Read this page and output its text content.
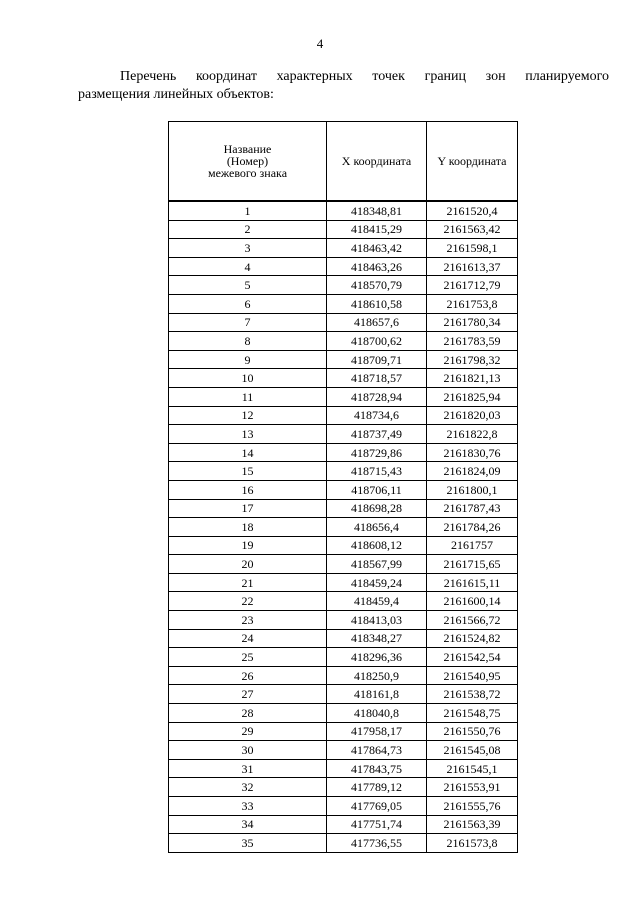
4
Перечень координат характерных точек границ зон планируемого
размещения линейных объектов:
Название
(Номер)
межевого знака	X координата	Y координата
1	418348,81	2161520,4
2	418415,29	2161563,42
3	418463,42	2161598,1
4	418463,26	2161613,37
5	418570,79	2161712,79
6	418610,58	2161753,8
7	418657,6	2161780,34
8	418700,62	2161783,59
9	418709,71	2161798,32
10	418718,57	2161821,13
11	418728,94	2161825,94
12	418734,6	2161820,03
13	418737,49	2161822,8
14	418729,86	2161830,76
15	418715,43	2161824,09
16	418706,11	2161800,1
17	418698,28	2161787,43
18	418656,4	2161784,26
19	418608,12	2161757
20	418567,99	2161715,65
21	418459,24	2161615,11
22	418459,4	2161600,14
23	418413,03	2161566,72
24	418348,27	2161524,82
25	418296,36	2161542,54
26	418250,9	2161540,95
27	418161,8	2161538,72
28	418040,8	2161548,75
29	417958,17	2161550,76
30	417864,73	2161545,08
31	417843,75	2161545,1
32	417789,12	2161553,91
33	417769,05	2161555,76
34	417751,74	2161563,39
35	417736,55	2161573,8
